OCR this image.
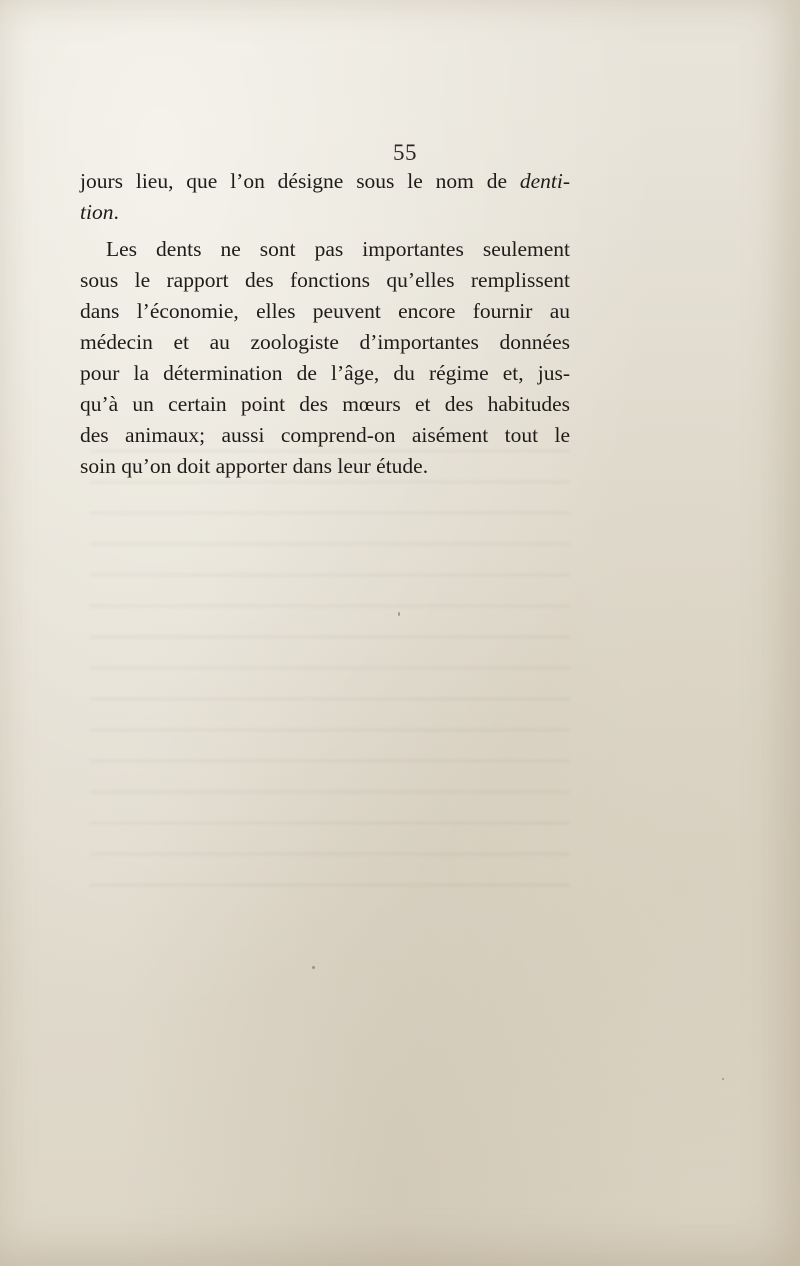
55
jours lieu, que l’on désigne sous le nom de denti-
tion.
Les dents ne sont pas importantes seulement
sous le rapport des fonctions qu’elles remplissent
dans l’économie, elles peuvent encore fournir au
médecin et au zoologiste d’importantes données
pour la détermination de l’âge, du régime et, jus-
qu’à un certain point des mœurs et des habitudes
des animaux; aussi comprend-on aisément tout le
soin qu’on doit apporter dans leur étude.
